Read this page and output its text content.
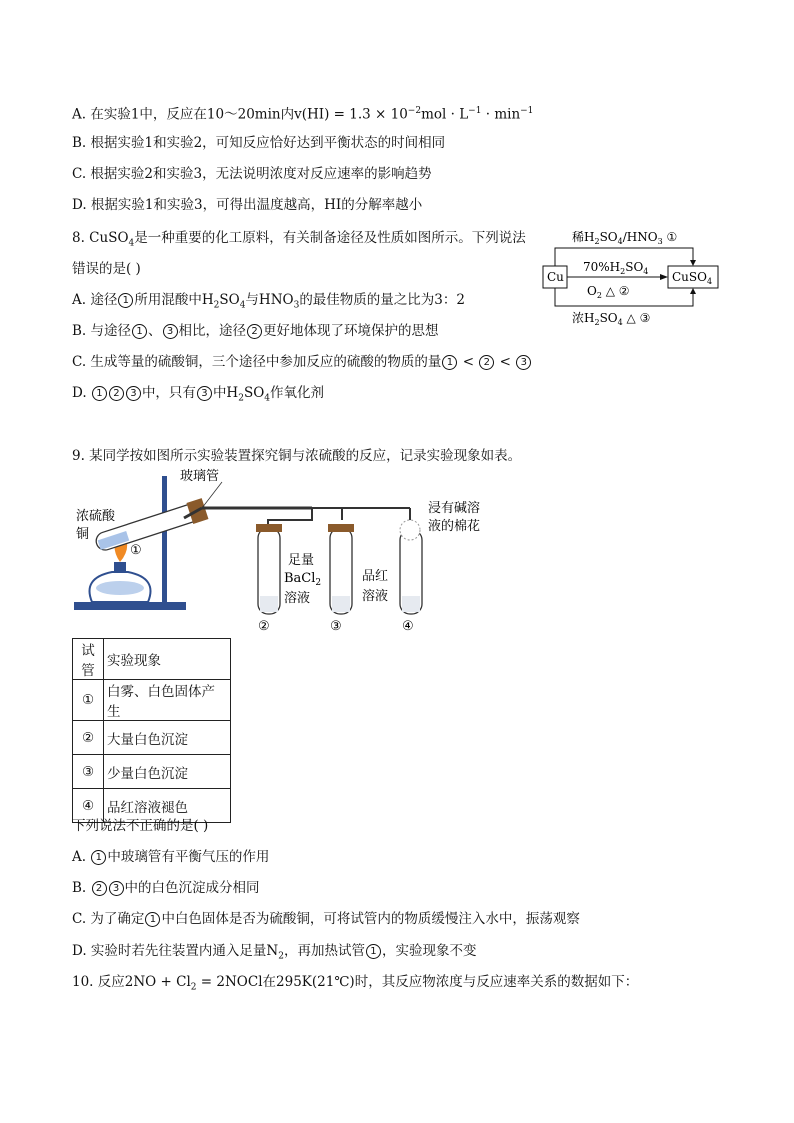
A. 在实验1中，反应在10～20min内$v(HI) = 1.3 \times 10^{-2}mol \cdot L^{-1} \cdot \min^{-1}$
B. 根据实验1和实验2，可知反应恰好达到平衡状态的时间相同
C. 根据实验2和实验3，无法说明浓度对反应速率的影响趋势
D. 根据实验1和实验3，可得出温度越高，HI的分解率越小
8. CuSO$_4$是一种重要的化工原料，有关制备途径及性质如图所示。下列说法
错误的是( )
A. 途径 1 所用混酸中$H_2SO_4$与$HNO_3$的最佳物质的量之比为3：2
B. 与途径 1 、 3 相比，途径 2 更好地体现了环境保护的思想
C. 生成等量的硫酸铜，三个途径中参加反应的硫酸的物质的量 1 < 2 < 3
D. 1 2 3 中，只有 3 中$H_2SO_4$作氧化剂
稀$H_2SO_4/HNO_3$ ①
Cu	CuSO$_4$
$70\%H_2SO_4$
$O_2$ △ ②
浓$H_2SO_4$ △ ③
9. 某同学按如图所示实验装置探究铜与浓硫酸的反应，记录实验现象如表。
玻璃管
浓硫酸
铜
①
足量
BaCl$_2$
溶液
②	③
品红
溶液
④
浸有碱溶
液的棉花
试管	实验现象
①	白雾、白色固体产生
②	大量白色沉淀
③	少量白色沉淀
④	品红溶液褪色
下列说法不正确的是( )
A. 1 中玻璃管有平衡气压的作用
B. 2 3 中的白色沉淀成分相同
C. 为了确定 1 中白色固体是否为硫酸铜，可将试管内的物质缓慢注入水中，振荡观察
D. 实验时若先往装置内通入足量$N_2$，再加热试管 1 ，实验现象不变
10. 反应$2NO + Cl_2$ = 2NOCl在295K(21℃)时，其反应物浓度与反应速率关系的数据如下：
